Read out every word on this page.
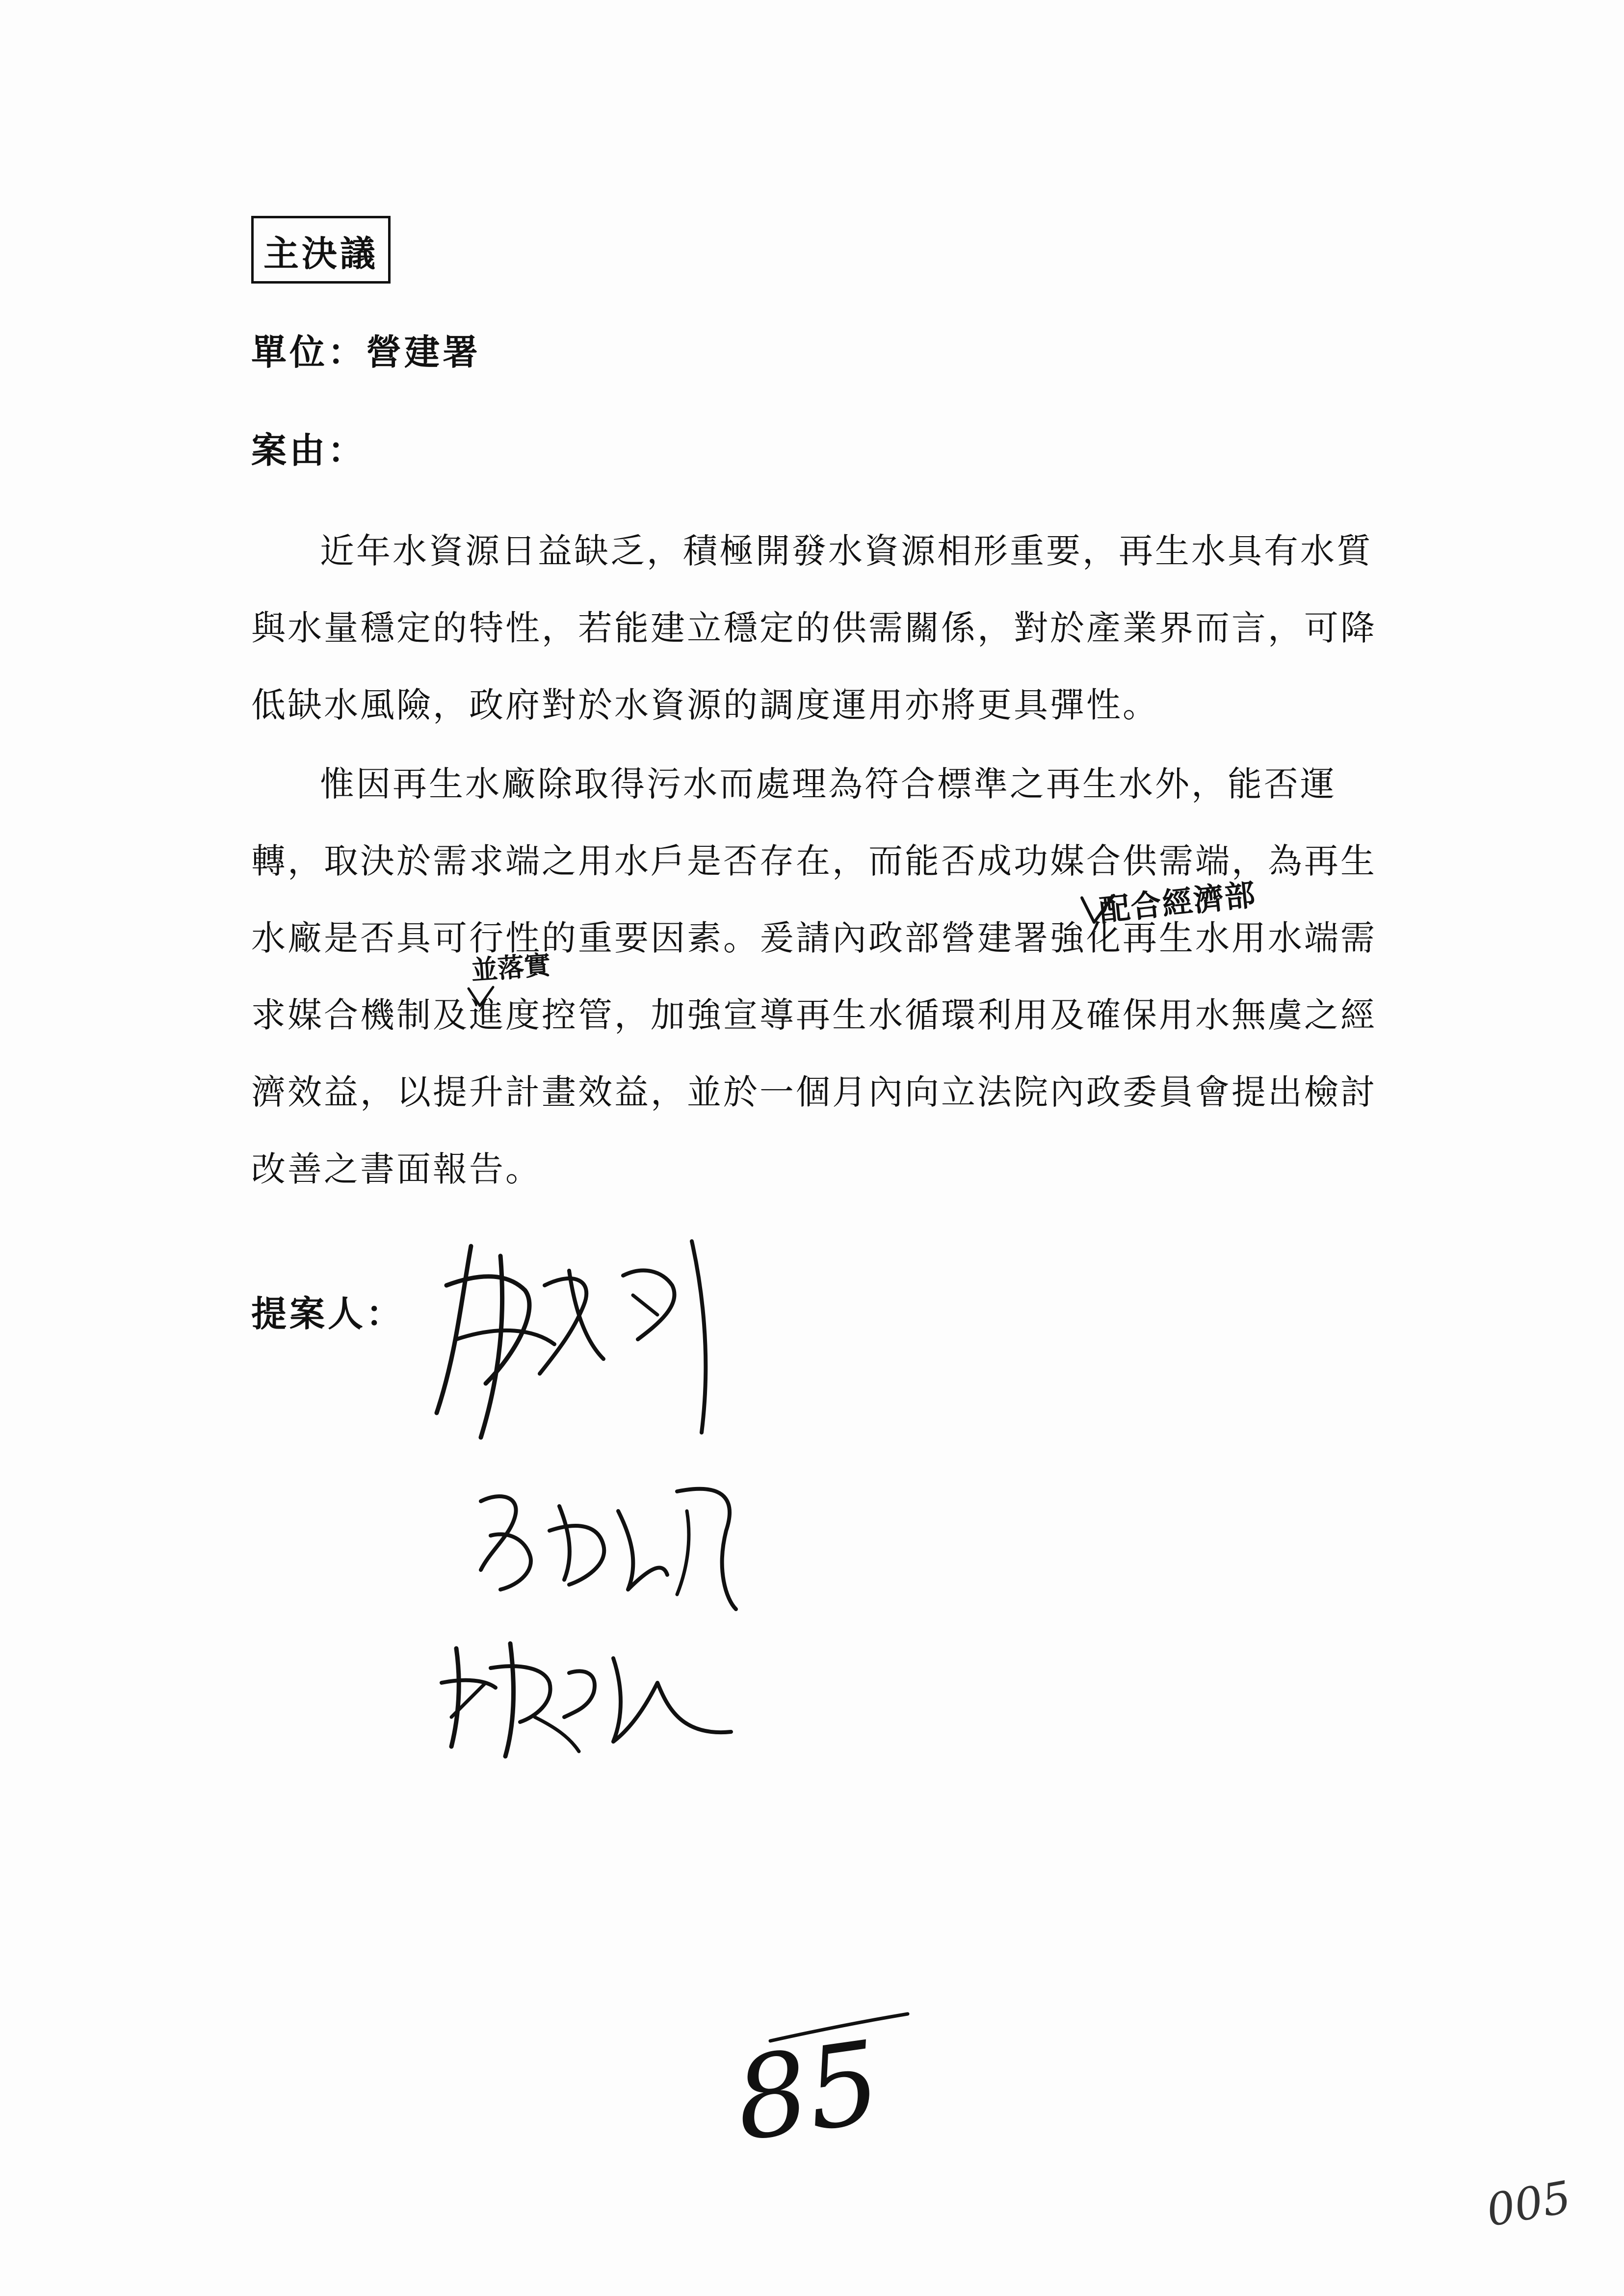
主決議
單位：營建署
案由：
近年水資源日益缺乏，積極開發水資源相形重要，再生水具有水質
與水量穩定的特性，若能建立穩定的供需關係，對於產業界而言，可降
低缺水風險，政府對於水資源的調度運用亦將更具彈性。
惟因再生水廠除取得污水而處理為符合標準之再生水外，能否運
轉，取決於需求端之用水戶是否存在，而能否成功媒合供需端，為再生
水廠是否具可行性的重要因素。爰請內政部營建署強化再生水用水端需
求媒合機制及進度控管，加強宣導再生水循環利用及確保用水無虞之經
濟效益，以提升計畫效益，並於一個月內向立法院內政委員會提出檢討
改善之書面報告。
配合經濟部
並落實
提案人：
85
005
